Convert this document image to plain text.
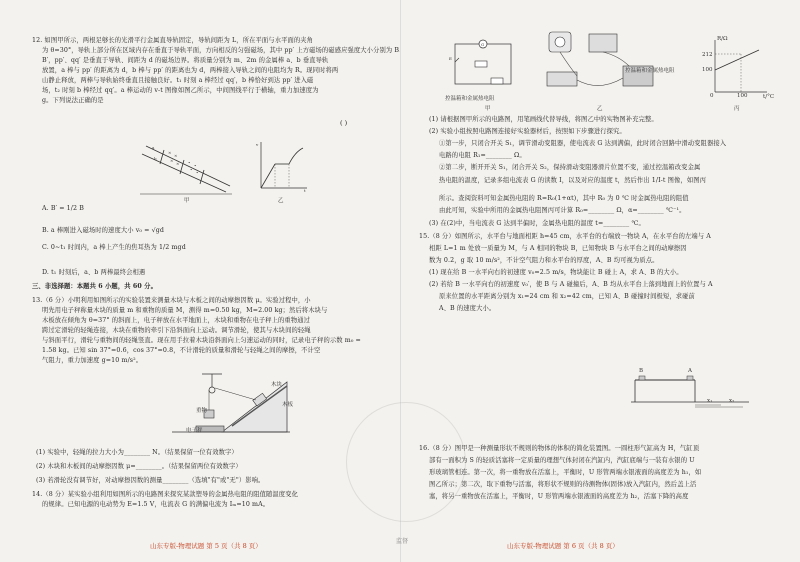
12. 如图甲所示，两根足够长的光滑平行金属直导轨固定，导轨间距为 L，所在平面与水平面的夹角
为 θ=30°，导轨上部分所在区域内存在垂直于导轨平面，方向相反的匀强磁场，其中 pp′ 上方磁场的磁感应强度大小分别为 B、
B′，pp′、qq′ 是垂直于导轨、间距为 d 的磁场边界。将质量分别为 m、2m 的金属棒 a、b 垂直导轨
放置，a 棒与 pp′ 的距离为 d，b 棒与 pp′ 的距离也为 d，两棒接入导轨之间的电阻均为 R。现同时将两
山静止释放，两棒与导轨始终垂直且接触良好。t₁ 时刻 a 棒经过 qq′，b 棒恰好到达 pp′ 进入磁
场，t₂ 时刻 b 棒经过 qq′。a 棒运动的 v-t 图像如图乙所示，中间图线平行于横轴，重力加速度为
g。下列说法正确的是
( )
×
×
×
× •
•
•
•
a
b
甲
v
t
乙
A. B′ = 1/2 B
B. a 棒刚进入磁场时的速度大小 v₀ = √gd
C. 0~t₁ 时间内，a 棒上产生的焦耳热为 1/2 mgd
D. t₁ 时刻后，a、b 两棒最终会相遇
三、非选择题：本题共 6 小题，共 60 分。
13.（6 分）小明利用如图所示的实验装置来测量木块与木板之间的动摩擦因数 μ。实验过程中，小
明先用电子秤称量木块的质量 m 和重物的质量 M，测得 m=0.50 kg，M=2.00 kg；然后将木块与
木板放在倾角为 θ=37° 的斜面上，电子秤放在水平地面上，木块和重物在电子秤上的重物通过
跨过定滑轮的轻绳连接，木块在重物的牵引下沿斜面向上运动。调节滑轮，使其与木块间的轻绳
与斜面平行，滑轮与重物间的轻绳竖直。现在用手拉着木块沿斜面向上匀速运动的同时，记录电子秤的示数 m₀ =
1.58 kg。已知 sin 37°=0.6，cos 37°=0.8，不计滑轮的质量和滑轮与轻绳之间的摩擦，不计空
气阻力，重力加速度 g=10 m/s²。
木块
木板
重物
电子秤
(1) 实验中，轻绳的拉力大小为________ N。（结果保留一位有效数字）
(2) 木块和木板间的动摩擦因数 μ=________。（结果保留两位有效数字）
(3) 若滑轮没有调节好，对动摩擦因数的测量________（选填"有"或"无"）影响。
14.（8 分）某实验小组利用如图所示的电路图来探究某款塑导的金属热电阻的阻值随温度变化
的规律。已知电源的电动势为 E=1.5 V，电流表 G 的满偏电流为 Iₘ=10 mA。
山东专版-物理试题 第 5 页（共 8 页）
G
E
控温箱和金属热电阻
甲
控温箱和金属热电阻
乙
R/Ω
t/°C
212
100
0	100
丙
(1) 请根据图甲所示的电路图，用笔画线代替导线，将图乙中的实物图补充完整。
(2) 实验小组按照电路图连接好实验器材后，按照如下步骤进行探究。
①第一步，只闭合开关 S₁，调节滑动变阻器，使电流表 G 达到满偏，此时闭合回路中滑动变阻器接入
电路的电阻 R₁=________ Ω。
②第二步，断开开关 S₁，闭合开关 S₂，保持滑动变阻器滑片位置不变，通过控温箱改变金属
热电阻的温度，记录多组电流表 G 的读数 I，以及对应的温度 t，然后作出 1/I-t 图像，如图丙
所示。查阅资料可知金属热电阻的 R=R₀(1+αt)，其中 R₀ 为 0 ℃ 时金属热电阻的阻值
由此可知，实验中所用的金属热电阻图丙可计算 R₀=________ Ω，α=________ ℃⁻¹。
(3) 在(2)中，当电流表 G 达到半偏时，金属热电阻的温度 t=________ ℃。
15.（8 分）如图所示，水平台与地面相距 h=45 cm，水平台的右端放一物块 A，在水平台的左端与 A
相距 L=1 m 处放一质量为 M，与 A 相同的物块 B，已知物块 B 与水平台之间的动摩擦因
数为 0.2，g 取 10 m/s²，不计空气阻力和水平台的厚度，A、B 均可视为质点。
(1) 现在给 B 一水平向右的初速度 v₀=2.5 m/s，物块能让 B 碰上 A，求 A、B 的大小。
(2) 若给 B 一水平向右的初速度 v₀′，使 B 与 A 碰撞后，A、B 均从水平台上落到地面上的位置与 A
原来位置的水平距离分别为 x₁=24 cm 和 x₂=42 cm，已知 A、B 碰撞时间极短，求碰前
A、B 的速度大小。
B	A
x₁	x₂
16.（8 分）图甲是一种测量形状不规则的物体的体积的简化装置图。一圆柱形气缸高为 H，气缸顶
部有一面积为 S 的轻质活塞将一定质量的理想气体封闭在汽缸内，汽缸底端与一装有水银的 U
形玻璃管相连。第一次，将一重物放在活塞上，平衡时，U 形管两端水银液面的高度差为 h₁，如
图乙所示；第二次，取下重物与活塞，将形状不规则的待测物体(固体)放入汽缸内，然后盖上活
塞，将另一重物放在活塞上，平衡时，U 形管两端水银液面的高度差为 h₂，活塞下降的高度
山东专版-物理试题 第 6 页（共 8 页）
监督
